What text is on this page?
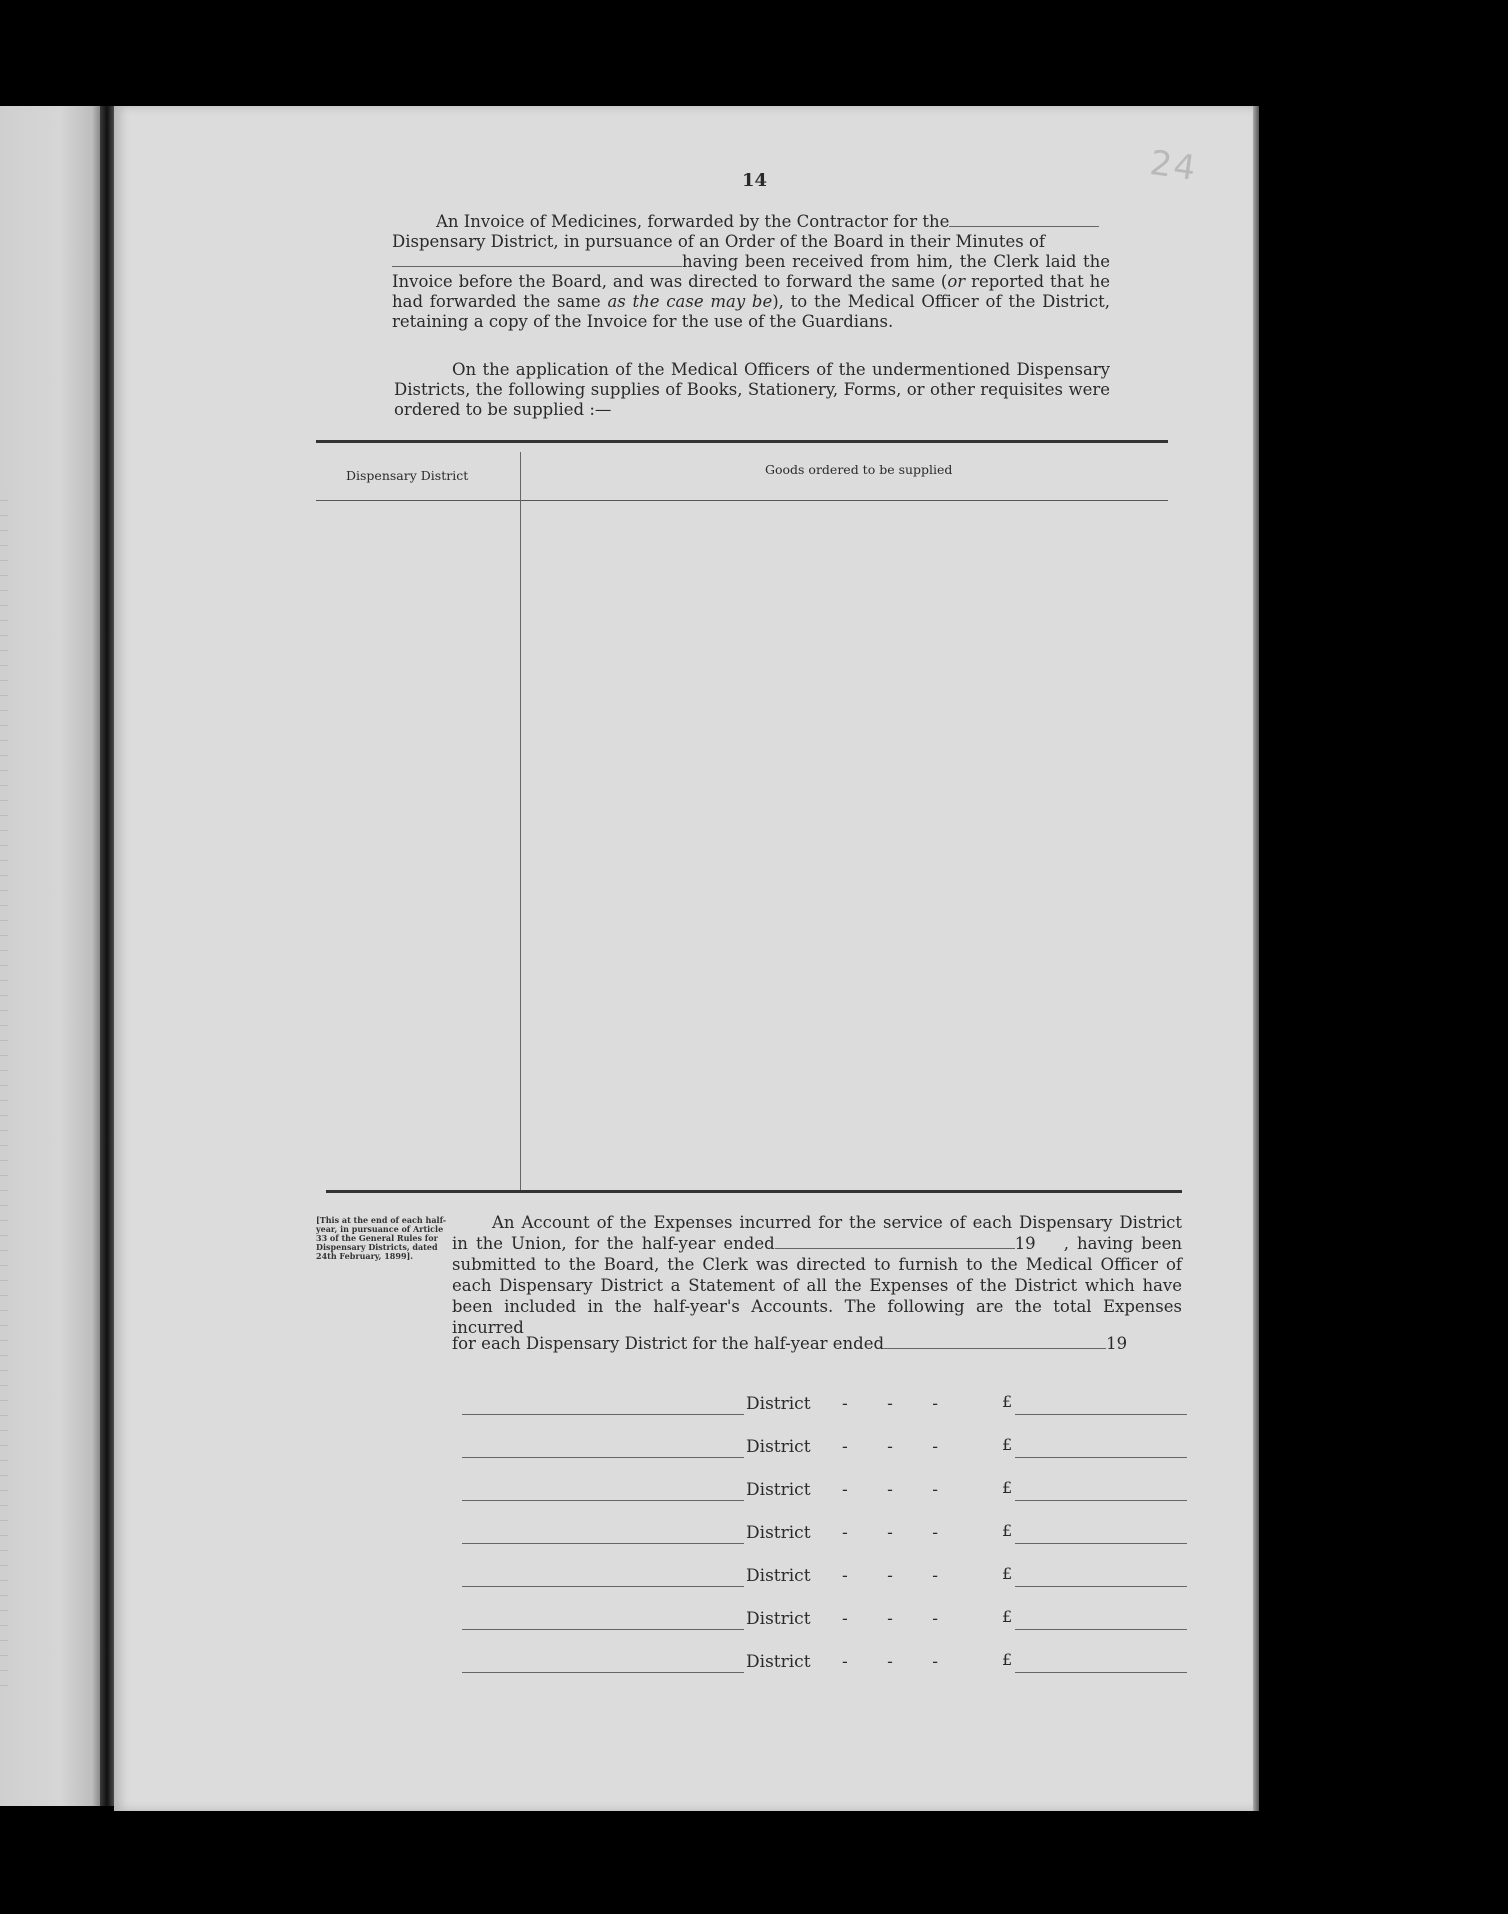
14	24
An Invoice of Medicines, forwarded by the Contractor for the
Dispensary District, in pursuance of an Order of the Board in their Minutes of
having been received from him, the Clerk laid the Invoice before the Board, and was directed to forward the same (or reported that he had forwarded the same as the case may be), to the Medical Officer of the District, retaining a copy of the Invoice for the use of the Guardians.
On the application of the Medical Officers of the undermentioned Dispensary Districts, the following supplies of Books, Stationery, Forms, or other requisites were ordered to be supplied :—
Dispensary District	Goods ordered to be supplied
[This at the end of each half-year, in pursuance of Article 33 of the General Rules for Dispensary Districts, dated 24th February, 1899].
An Account of the Expenses incurred for the service of each Dispensary District in the Union, for the half-year ended	19 , having been submitted to the Board, the Clerk was directed to furnish to the Medical Officer of each Dispensary District a Statement of all the Expenses of the District which have been included in the half-year's Accounts. The following are the total Expenses incurred
for each Dispensary District for the half-year ended	19
District - - -	£
District - - -	£
District - - -	£
District - - -	£
District - - -	£
District - - -	£
District - - -	£
